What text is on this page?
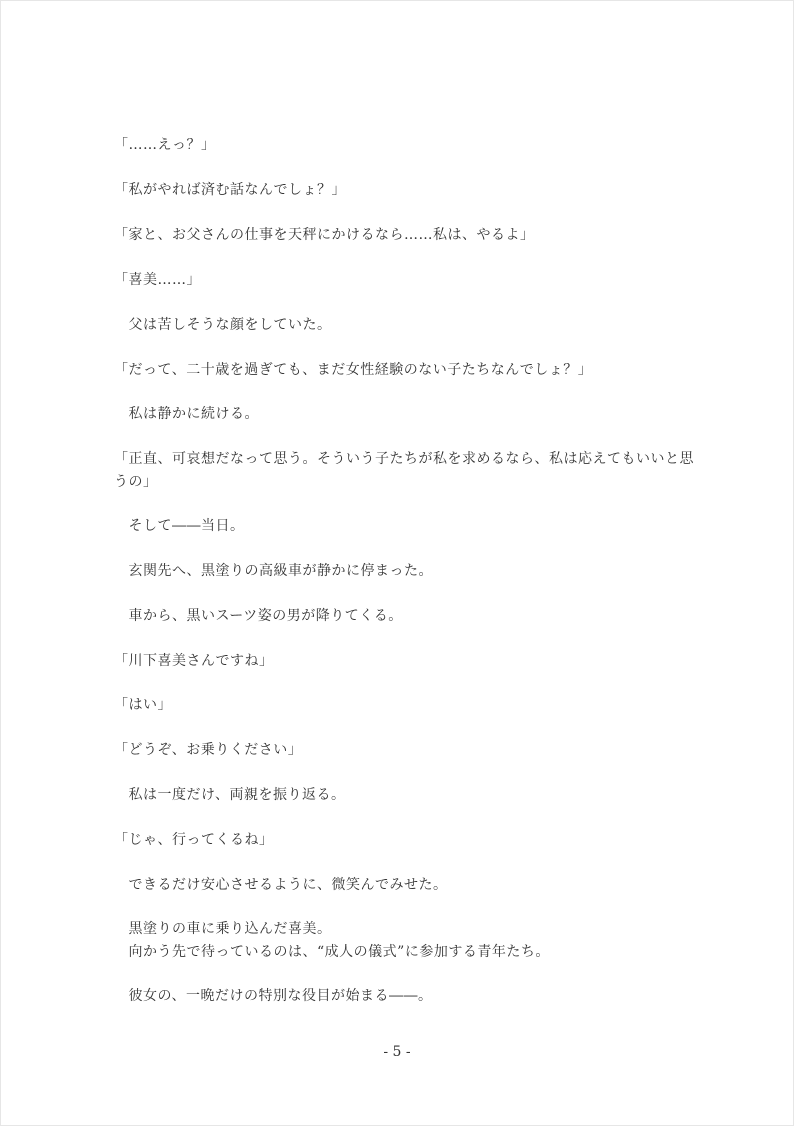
「……えっ？」
「私がやれば済む話なんでしょ？」
「家と、お父さんの仕事を天秤にかけるなら……私は、やるよ」
「喜美……」
　父は苦しそうな顔をしていた。
「だって、二十歳を過ぎても、まだ女性経験のない子たちなんでしょ？」
　私は静かに続ける。
「正直、可哀想だなって思う。そういう子たちが私を求めるなら、私は応えてもいいと思
うの」
　そして――当日。
　玄関先へ、黒塗りの高級車が静かに停まった。
　車から、黒いスーツ姿の男が降りてくる。
「川下喜美さんですね」
「はい」
「どうぞ、お乗りください」
　私は一度だけ、両親を振り返る。
「じゃ、行ってくるね」
　できるだけ安心させるように、微笑んでみせた。
　黒塗りの車に乗り込んだ喜美。
　向かう先で待っているのは、“成人の儀式”に参加する青年たち。
　彼女の、一晩だけの特別な役目が始まる――。
- 5 -
